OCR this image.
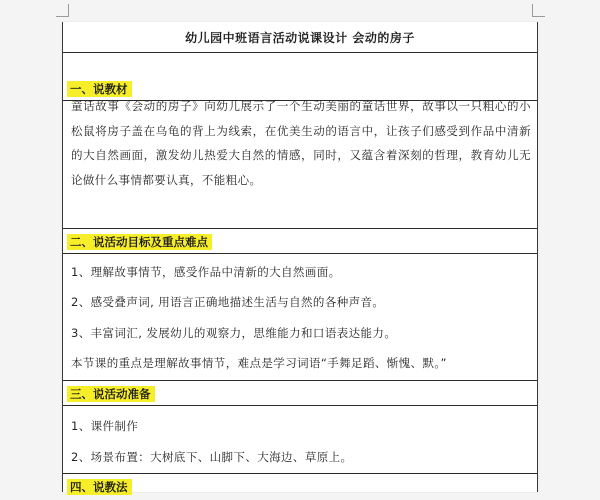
幼儿园中班语言活动说课设计 会动的房子
一、说教材
童话故事《会动的房子》向幼儿展示了一个生动美丽的童话世界，故事以一只粗心的小松鼠将房子盖在乌龟的背上为线索，在优美生动的语言中，让孩子们感受到作品中清新的大自然画面，激发幼儿热爱大自然的情感，同时，又蕴含着深刻的哲理，教育幼儿无论做什么事情都要认真，不能粗心。
二、说活动目标及重点难点
1、理解故事情节，感受作品中清新的大自然画面。
2、感受叠声词, 用语言正确地描述生活与自然的各种声音。
3、丰富词汇, 发展幼儿的观察力，思维能力和口语表达能力。
本节课的重点是理解故事情节，难点是学习词语“手舞足蹈、惭愧、默。”
三、说活动准备
1、课件制作
2、场景布置：大树底下、山脚下、大海边、草原上。
四、说教法
